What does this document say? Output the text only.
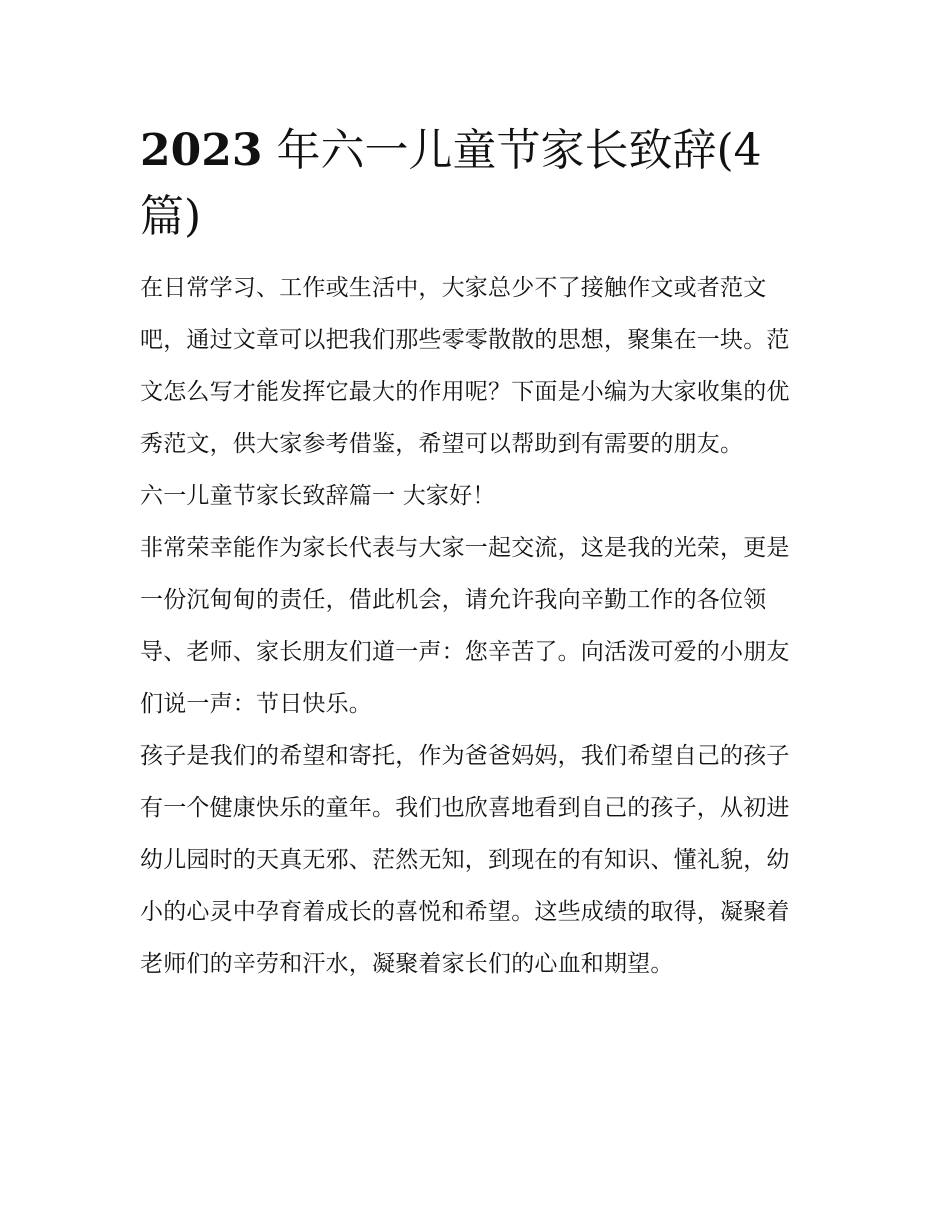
2023 年六一儿童节家长致辞(4篇)

在日常学习、工作或生活中，大家总少不了接触作文或者范文吧，通过文章可以把我们那些零零散散的思想，聚集在一块。范文怎么写才能发挥它最大的作用呢？下面是小编为大家收集的优秀范文，供大家参考借鉴，希望可以帮助到有需要的朋友。

六一儿童节家长致辞篇一 大家好！

非常荣幸能作为家长代表与大家一起交流，这是我的光荣，更是一份沉甸甸的责任，借此机会，请允许我向辛勤工作的各位领导、老师、家长朋友们道一声：您辛苦了。向活泼可爱的小朋友们说一声：节日快乐。

孩子是我们的希望和寄托，作为爸爸妈妈，我们希望自己的孩子有一个健康快乐的童年。我们也欣喜地看到自己的孩子，从初进幼儿园时的天真无邪、茫然无知，到现在的有知识、懂礼貌，幼小的心灵中孕育着成长的喜悦和希望。这些成绩的取得，凝聚着老师们的辛劳和汗水，凝聚着家长们的心血和期望。
